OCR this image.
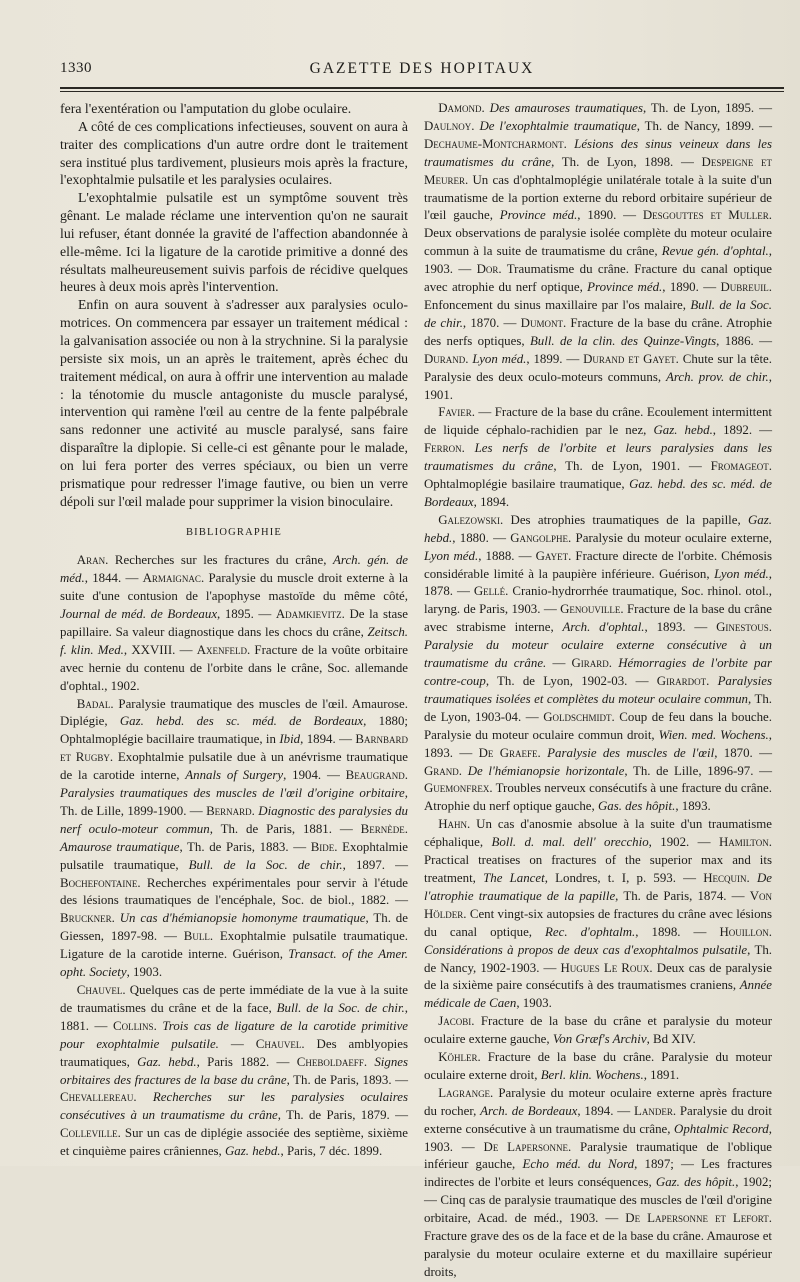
1330	GAZETTE DES HOPITAUX

fera l'exentération ou l'amputation du globe oculaire.

A côté de ces complications infectieuses, souvent on aura à traiter des complications d'un autre ordre dont le traitement sera institué plus tardivement, plusieurs mois après la fracture, l'exophtalmie pulsatile et les paralysies oculaires.

L'exophtalmie pulsatile est un symptôme souvent très gênant. Le malade réclame une intervention qu'on ne saurait lui refuser, étant donnée la gravité de l'affection abandonnée à elle-même. Ici la ligature de la carotide primitive a donné des résultats malheureusement suivis parfois de récidive quelques heures à deux mois après l'intervention.

Enfin on aura souvent à s'adresser aux paralysies oculo-motrices. On commencera par essayer un traitement médical : la galvanisation associée ou non à la strychnine. Si la paralysie persiste six mois, un an après le traitement, après échec du traitement médical, on aura à offrir une intervention au malade : la ténotomie du muscle antagoniste du muscle paralysé, intervention qui ramène l'œil au centre de la fente palpébrale sans redonner une activité au muscle paralysé, sans faire disparaître la diplopie. Si celle-ci est gênante pour le malade, on lui fera porter des verres spéciaux, ou bien un verre prismatique pour redresser l'image fautive, ou bien un verre dépoli sur l'œil malade pour supprimer la vision binoculaire.

BIBLIOGRAPHIE

Aran. Recherches sur les fractures du crâne, Arch. gén. de méd., 1844. — Armaignac. Paralysie du muscle droit externe à la suite d'une contusion de l'apophyse mastoïde du même côté, Journal de méd. de Bordeaux, 1895. — Adamkievitz. De la stase papillaire. Sa valeur diagnostique dans les chocs du crâne, Zeitsch. f. klin. Med., XXVIII. — Axenfeld. Fracture de la voûte orbitaire avec hernie du contenu de l'orbite dans le crâne, Soc. allemande d'ophtal., 1902.

Badal. Paralysie traumatique des muscles de l'œil. Amaurose. Diplégie, Gaz. hebd. des sc. méd. de Bordeaux, 1880; Ophtalmoplégie bacillaire traumatique, in Ibid, 1894. — Barnbard et Rugby. Exophtalmie pulsatile due à un anévrisme traumatique de la carotide interne, Annals of Surgery, 1904. — Beaugrand. Paralysies traumatiques des muscles de l'œil d'origine orbitaire, Th. de Lille, 1899-1900. — Bernard. Diagnostic des paralysies du nerf oculo-moteur commun, Th. de Paris, 1881. — Bernède. Amaurose traumatique, Th. de Paris, 1883. — Bide. Exophtalmie pulsatile traumatique, Bull. de la Soc. de chir., 1897. — Bochefontaine. Recherches expérimentales pour servir à l'étude des lésions traumatiques de l'encéphale, Soc. de biol., 1882. — Bruckner. Un cas d'hémianopsie homonyme traumatique, Th. de Giessen, 1897-98. — Bull. Exophtalmie pulsatile traumatique. Ligature de la carotide interne. Guérison, Transact. of the Amer. opht. Society, 1903.

Chauvel. Quelques cas de perte immédiate de la vue à la suite de traumatismes du crâne et de la face, Bull. de la Soc. de chir., 1881. — Collins. Trois cas de ligature de la carotide primitive pour exophtalmie pulsatile. — Chauvel. Des amblyopies traumatiques, Gaz. hebd., Paris 1882. — Cheboldaeff. Signes orbitaires des fractures de la base du crâne, Th. de Paris, 1893. — Chevallereau. Recherches sur les paralysies oculaires consécutives à un traumatisme du crâne, Th. de Paris, 1879. — Colleville. Sur un cas de diplégie associée des septième, sixième et cinquième paires crâniennes, Gaz. hebd., Paris, 7 déc. 1899.

Damond. Des amauroses traumatiques, Th. de Lyon, 1895. — Daulnoy. De l'exophtalmie traumatique, Th. de Nancy, 1899. — Dechaume-Montcharmont. Lésions des sinus veineux dans les traumatismes du crâne, Th. de Lyon, 1898. — Despeigne et Meurer. Un cas d'ophtalmoplégie unilatérale totale à la suite d'un traumatisme de la portion externe du rebord orbitaire supérieur de l'œil gauche, Province méd., 1890. — Desgouttes et Muller. Deux observations de paralysie isolée complète du moteur oculaire commun à la suite de traumatisme du crâne, Revue gén. d'ophtal., 1903. — Dor. Traumatisme du crâne. Fracture du canal optique avec atrophie du nerf optique, Province méd., 1890. — Dubreuil. Enfoncement du sinus maxillaire par l'os malaire, Bull. de la Soc. de chir., 1870. — Dumont. Fracture de la base du crâne. Atrophie des nerfs optiques, Bull. de la clin. des Quinze-Vingts, 1886. — Durand. Lyon méd., 1899. — Durand et Gayet. Chute sur la tête. Paralysie des deux oculo-moteurs communs, Arch. prov. de chir., 1901.

Favier. — Fracture de la base du crâne. Ecoulement intermittent de liquide céphalo-rachidien par le nez, Gaz. hebd., 1892. — Ferron. Les nerfs de l'orbite et leurs paralysies dans les traumatismes du crâne, Th. de Lyon, 1901. — Fromageot. Ophtalmoplégie basilaire traumatique, Gaz. hebd. des sc. méd. de Bordeaux, 1894.

Galezowski. Des atrophies traumatiques de la papille, Gaz. hebd., 1880. — Gangolphe. Paralysie du moteur oculaire externe, Lyon méd., 1888. — Gayet. Fracture directe de l'orbite. Chémosis considérable limité à la paupière inférieure. Guérison, Lyon méd., 1878. — Gellé. Cranio-hydrorrhée traumatique, Soc. rhinol. otol., laryng. de Paris, 1903. — Genouville. Fracture de la base du crâne avec strabisme interne, Arch. d'ophtal., 1893. — Ginestous. Paralysie du moteur oculaire externe consécutive à un traumatisme du crâne. — Girard. Hémorragies de l'orbite par contre-coup, Th. de Lyon, 1902-03. — Girardot. Paralysies traumatiques isolées et complètes du moteur oculaire commun, Th. de Lyon, 1903-04. — Goldschmidt. Coup de feu dans la bouche. Paralysie du moteur oculaire commun droit, Wien. med. Wochens., 1893. — De Graefe. Paralysie des muscles de l'œil, 1870. — Grand. De l'hémianopsie horizontale, Th. de Lille, 1896-97. — Guemonfrex. Troubles nerveux consécutifs à une fracture du crâne. Atrophie du nerf optique gauche, Gas. des hôpit., 1893.

Hahn. Un cas d'anosmie absolue à la suite d'un traumatisme céphalique, Boll. d. mal. dell' orecchio, 1902. — Hamilton. Practical treatises on fractures of the superior max and its treatment, The Lancet, Londres, t. I, p. 593. — Hecquin. De l'atrophie traumatique de la papille, Th. de Paris, 1874. — Von Hölder. Cent vingt-six autopsies de fractures du crâne avec lésions du canal optique, Rec. d'ophtalm., 1898. — Houillon. Considérations à propos de deux cas d'exophtalmos pulsatile, Th. de Nancy, 1902-1903. — Hugues Le Roux. Deux cas de paralysie de la sixième paire consécutifs à des traumatismes craniens, Année médicale de Caen, 1903.

Jacobi. Fracture de la base du crâne et paralysie du moteur oculaire externe gauche, Von Græf's Archiv, Bd XIV.

Köhler. Fracture de la base du crâne. Paralysie du moteur oculaire externe droit, Berl. klin. Wochens., 1891.

Lagrange. Paralysie du moteur oculaire externe après fracture du rocher, Arch. de Bordeaux, 1894. — Lander. Paralysie du droit externe consécutive à un traumatisme du crâne, Ophtalmic Record, 1903. — De Lapersonne. Paralysie traumatique de l'oblique inférieur gauche, Echo méd. du Nord, 1897; — Les fractures indirectes de l'orbite et leurs conséquences, Gaz. des hôpit., 1902; — Cinq cas de paralysie traumatique des muscles de l'œil d'origine orbitaire, Acad. de méd., 1903. — De Lapersonne et Lefort. Fracture grave des os de la face et de la base du crâne. Amaurose et paralysie du moteur oculaire externe et du maxillaire supérieur droits,
